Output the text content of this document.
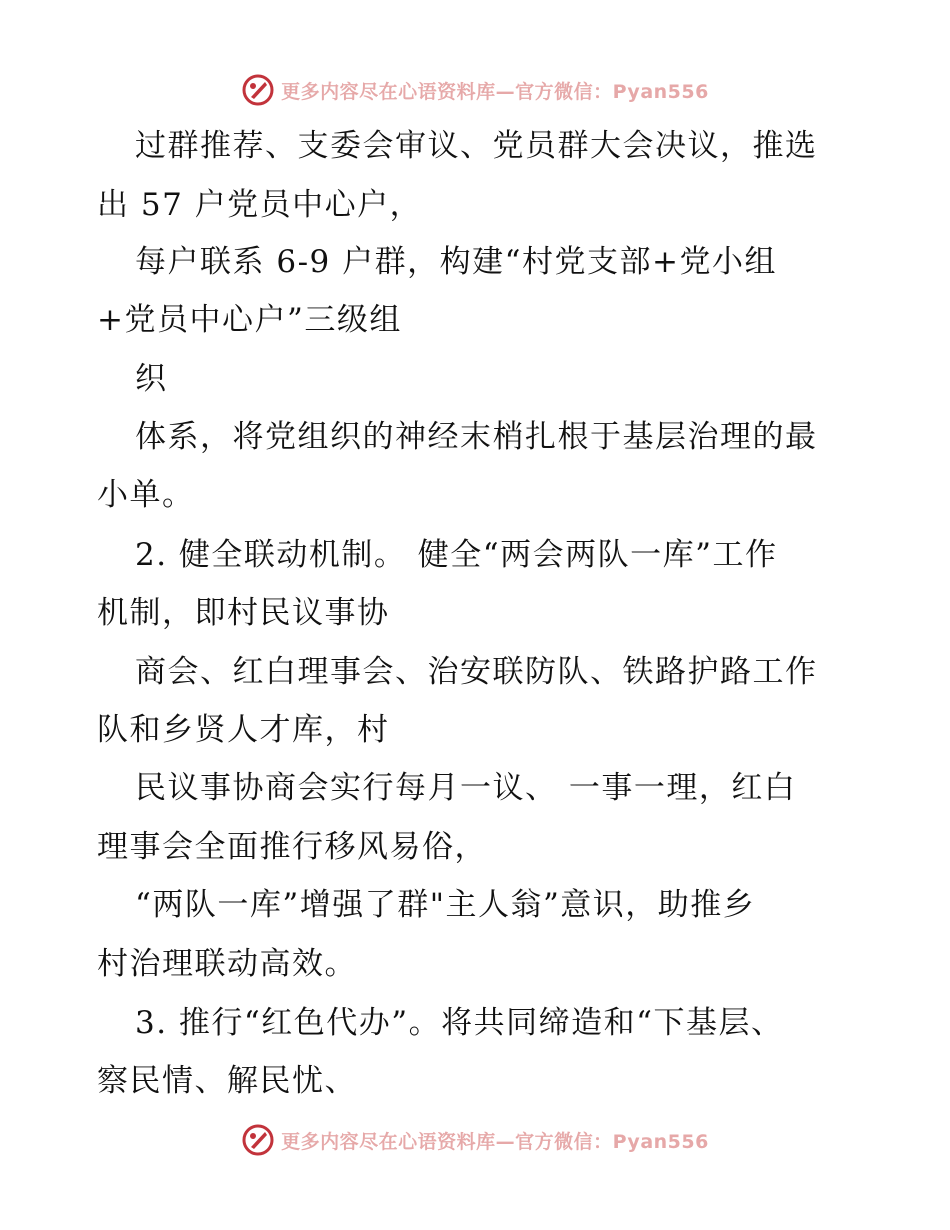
更多内容尽在心语资料库—官方微信：Pyan556
过群推荐、支委会审议、党员群大会决议，推选
出 57 户党员中心户，
每户联系 6-9 户群，构建“村党支部+党小组
+党员中心户”三级组
织
体系，将党组织的神经末梢扎根于基层治理的最
小单。
2. 健全联动机制。 健全“两会两队一库”工作
机制，即村民议事协
商会、红白理事会、治安联防队、铁路护路工作
队和乡贤人才库，村
民议事协商会实行每月一议、 一事一理，红白
理事会全面推行移风易俗，
“两队一库”增强了群"主人翁”意识，助推乡
村治理联动高效。
3. 推行“红色代办”。将共同缔造和“下基层、
察民情、解民忧、
更多内容尽在心语资料库—官方微信：Pyan556
